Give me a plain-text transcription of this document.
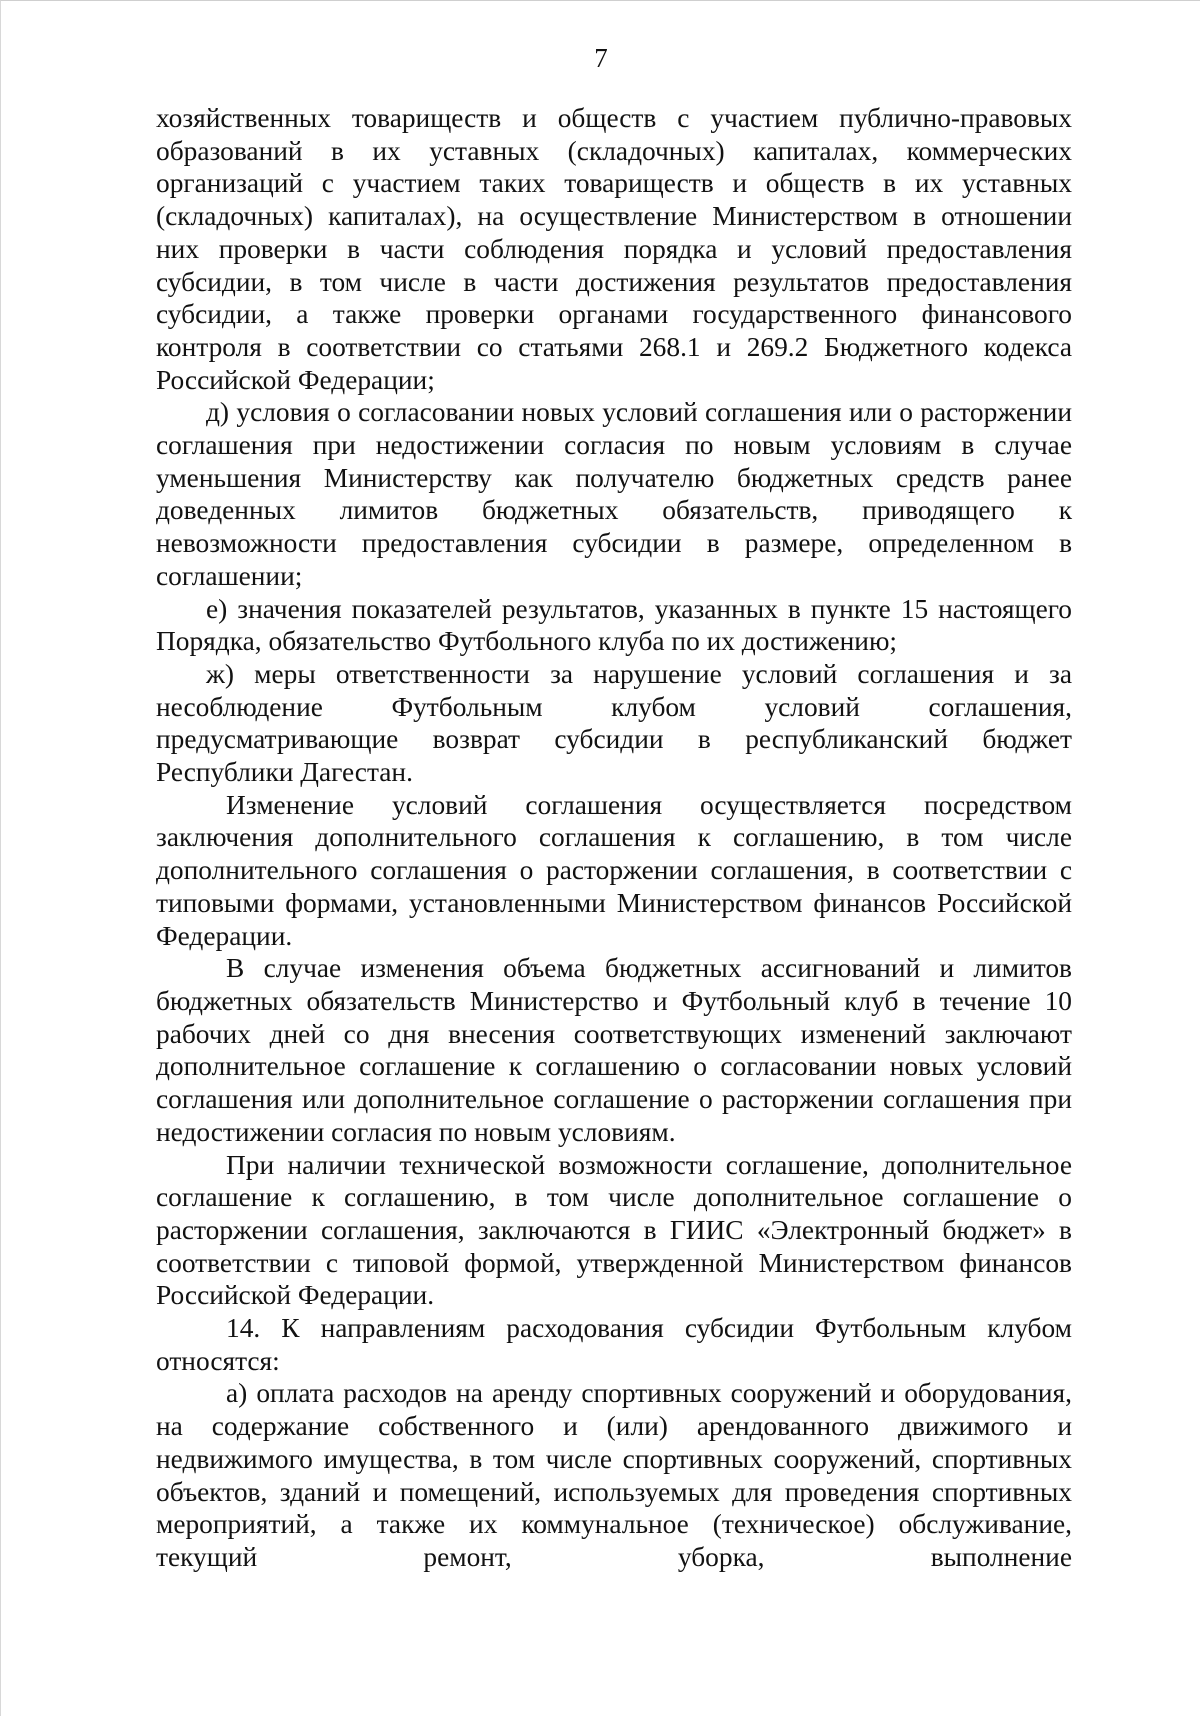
7

хозяйственных товариществ и обществ с участием публично-правовых образований в их уставных (складочных) капиталах, коммерческих организаций с участием таких товариществ и обществ в их уставных (складочных) капиталах), на осуществление Министерством в отношении них проверки в части соблюдения порядка и условий предоставления субсидии, в том числе в части достижения результатов предоставления субсидии, а также проверки органами государственного финансового контроля в соответствии со статьями 268.1 и 269.2 Бюджетного кодекса Российской Федерации;

д) условия о согласовании новых условий соглашения или о расторжении соглашения при недостижении согласия по новым условиям в случае уменьшения Министерству как получателю бюджетных средств ранее доведенных лимитов бюджетных обязательств, приводящего к невозможности предоставления субсидии в размере, определенном в соглашении;

е) значения показателей результатов, указанных в пункте 15 настоящего Порядка, обязательство Футбольного клуба по их достижению;

ж) меры ответственности за нарушение условий соглашения и за несоблюдение Футбольным клубом условий соглашения, предусматривающие возврат субсидии в республиканский бюджет Республики Дагестан.

Изменение условий соглашения осуществляется посредством заключения дополнительного соглашения к соглашению, в том числе дополнительного соглашения о расторжении соглашения, в соответствии с типовыми формами, установленными Министерством финансов Российской Федерации.

В случае изменения объема бюджетных ассигнований и лимитов бюджетных обязательств Министерство и Футбольный клуб в течение 10 рабочих дней со дня внесения соответствующих изменений заключают дополнительное соглашение к соглашению о согласовании новых условий соглашения или дополнительное соглашение о расторжении соглашения при недостижении согласия по новым условиям.

При наличии технической возможности соглашение, дополнительное соглашение к соглашению, в том числе дополнительное соглашение о расторжении соглашения, заключаются в ГИИС «Электронный бюджет» в соответствии с типовой формой, утвержденной Министерством финансов Российской Федерации.

14. К направлениям расходования субсидии Футбольным клубом относятся:

а) оплата расходов на аренду спортивных сооружений и оборудования, на содержание собственного и (или) арендованного движимого и недвижимого имущества, в том числе спортивных сооружений, спортивных объектов, зданий и помещений, используемых для проведения спортивных мероприятий, а также их коммунальное (техническое) обслуживание, текущий ремонт, уборка, выполнение
